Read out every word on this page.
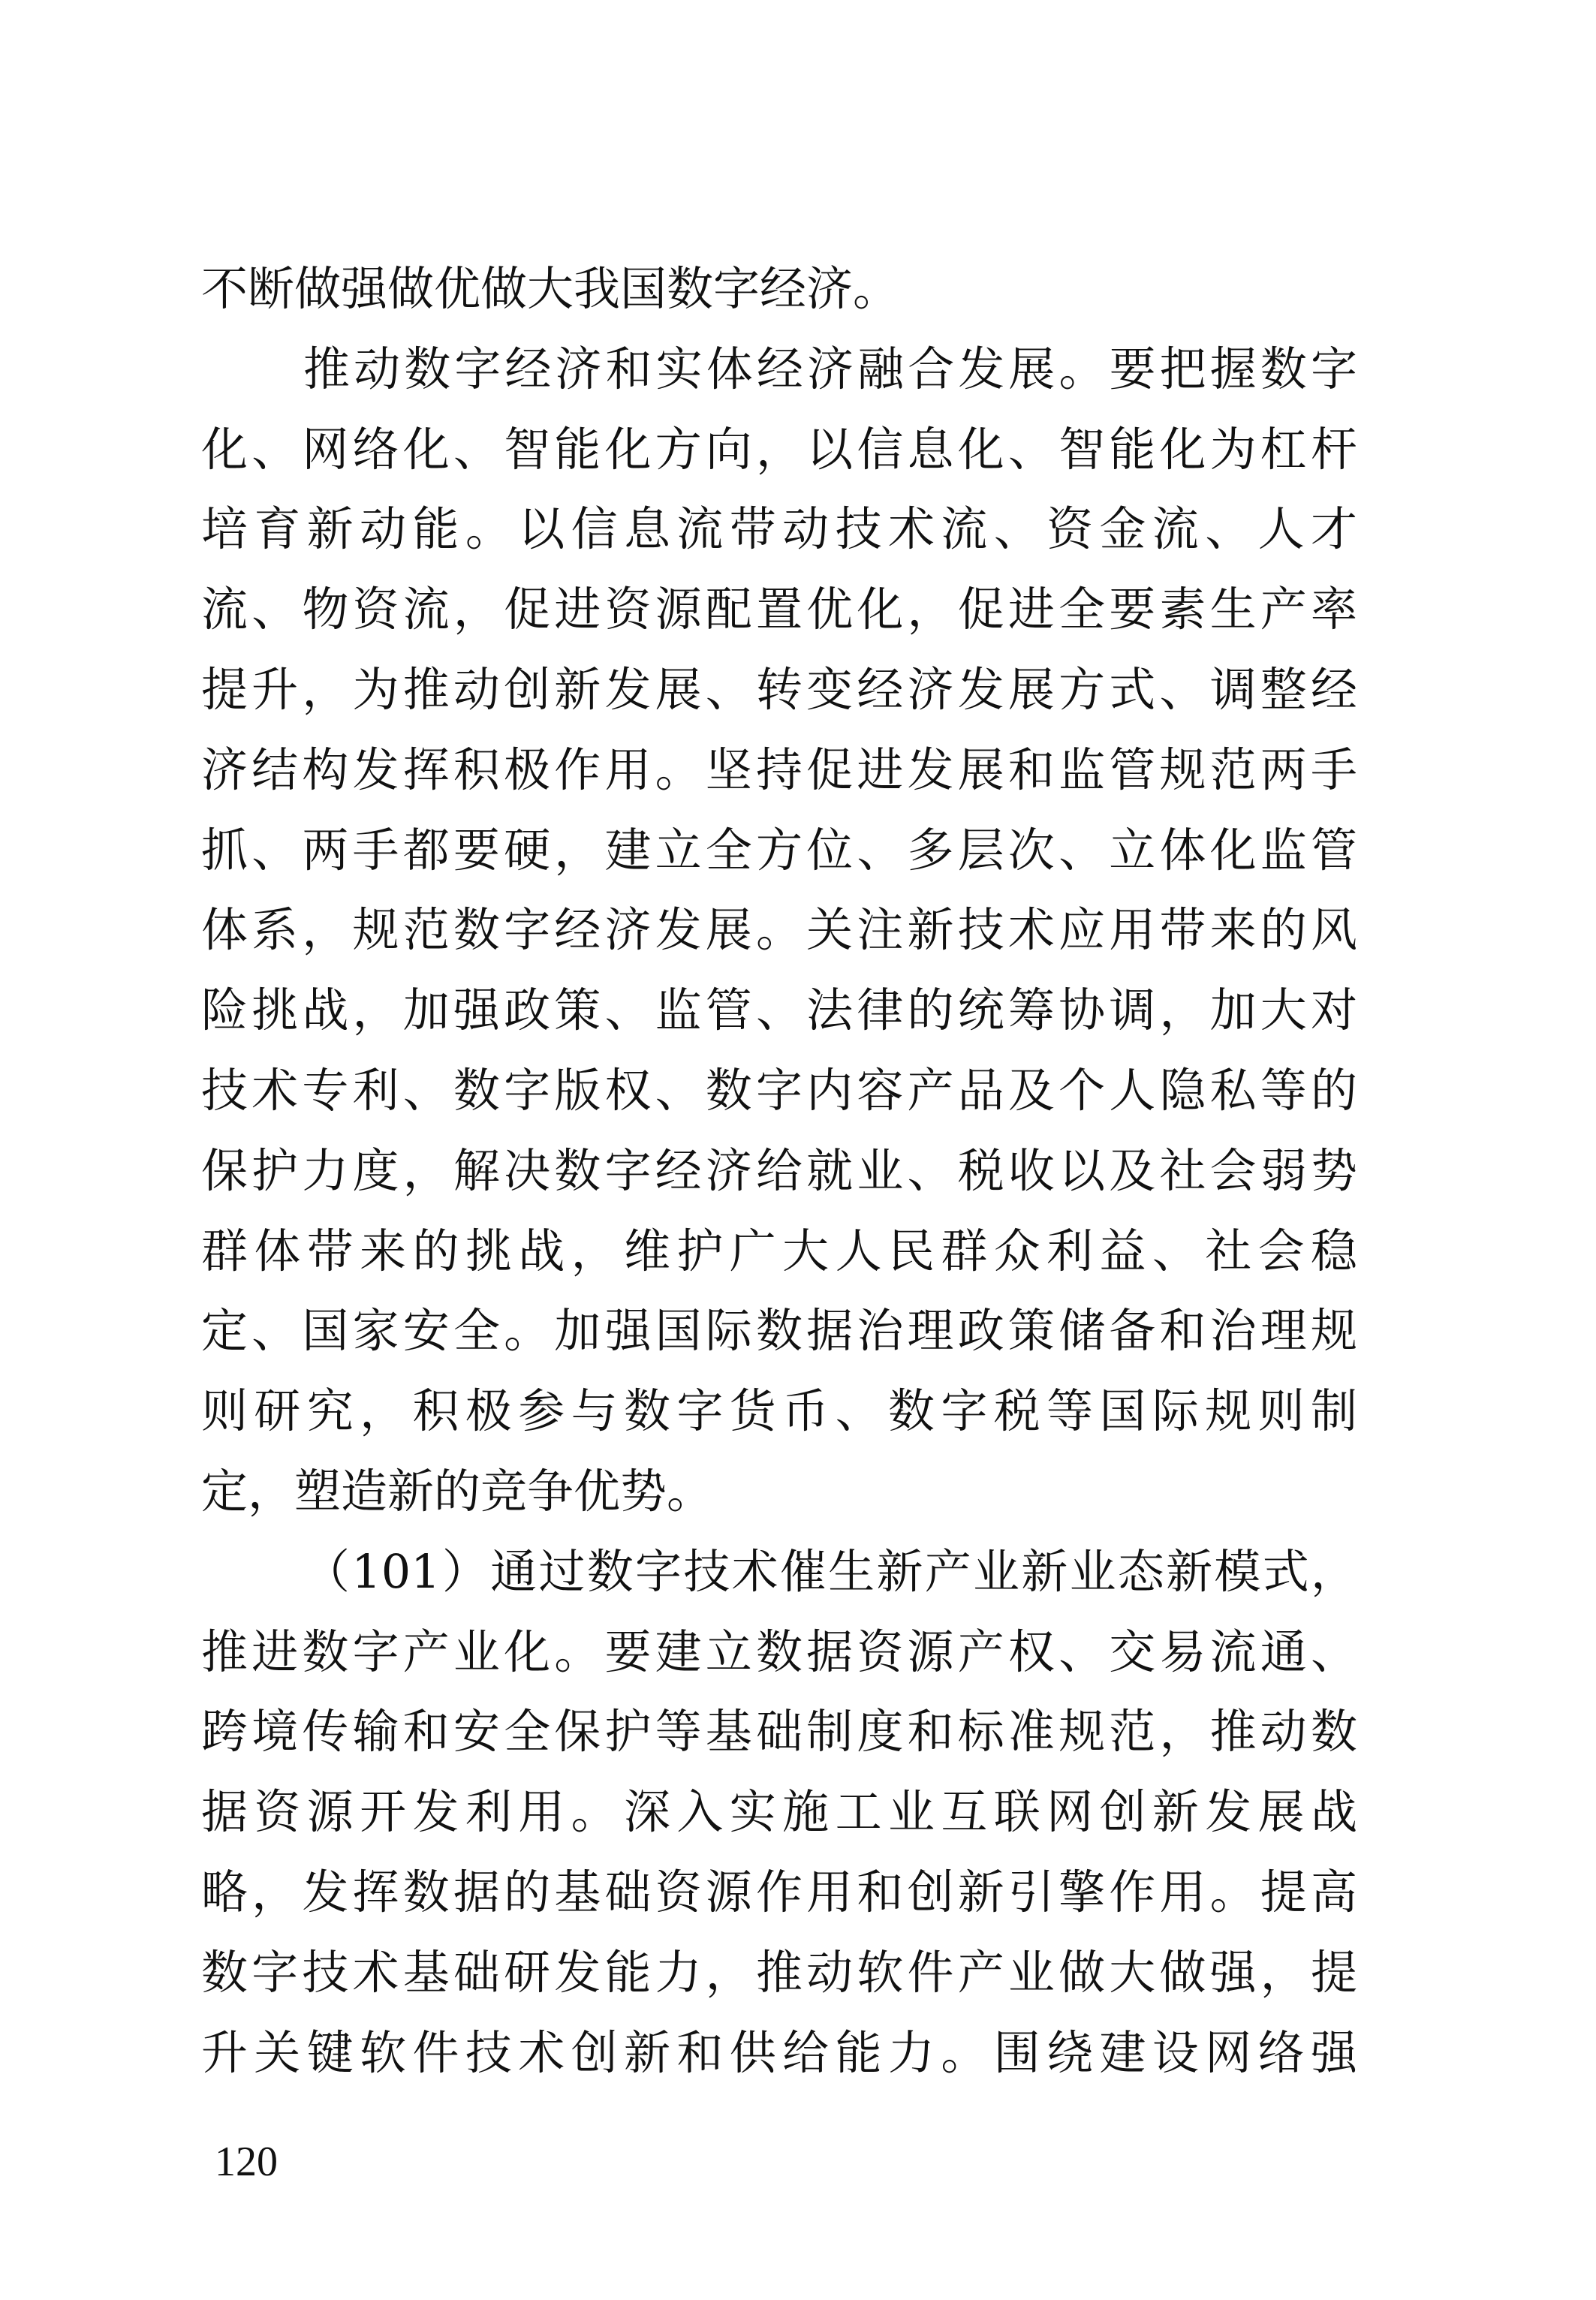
不断做强做优做大我国数字经济。
推动数字经济和实体经济融合发展。要把握数字
化、网络化、智能化方向，以信息化、智能化为杠杆
培育新动能。以信息流带动技术流、资金流、人才
流、物资流，促进资源配置优化，促进全要素生产率
提升，为推动创新发展、转变经济发展方式、调整经
济结构发挥积极作用。坚持促进发展和监管规范两手
抓、两手都要硬，建立全方位、多层次、立体化监管
体系，规范数字经济发展。关注新技术应用带来的风
险挑战，加强政策、监管、法律的统筹协调，加大对
技术专利、数字版权、数字内容产品及个人隐私等的
保护力度，解决数字经济给就业、税收以及社会弱势
群体带来的挑战，维护广大人民群众利益、社会稳
定、国家安全。加强国际数据治理政策储备和治理规
则研究，积极参与数字货币、数字税等国际规则制
定，塑造新的竞争优势。
（101）通过数字技术催生新产业新业态新模式，
推进数字产业化。要建立数据资源产权、交易流通、
跨境传输和安全保护等基础制度和标准规范，推动数
据资源开发利用。深入实施工业互联网创新发展战
略，发挥数据的基础资源作用和创新引擎作用。提高
数字技术基础研发能力，推动软件产业做大做强，提
升关键软件技术创新和供给能力。围绕建设网络强
120
